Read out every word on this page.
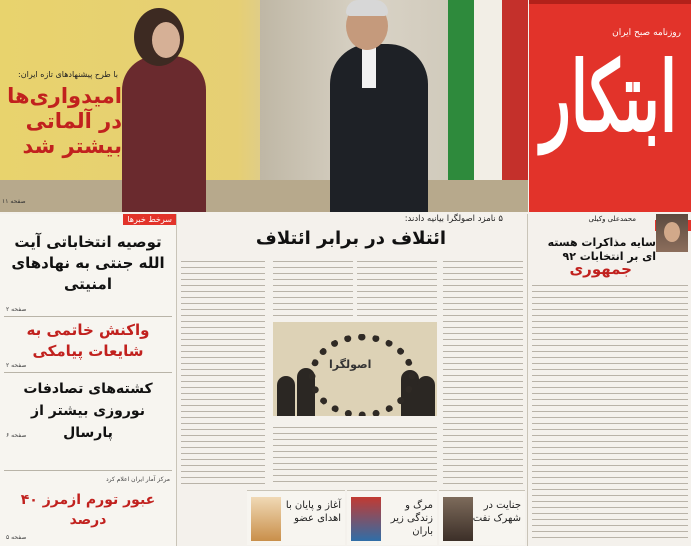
روزنامه صبح ایران
ابتکار
با طرح پیشنهادهای تازه ایران:
امیدواری‌ها در آلماتی بیشتر شد
صفحه ۱۱
سرخط خبرها
توصیه انتخاباتی آیت الله جنتی به نهادهای امنیتی
صفحه ۲
واکنش خاتمی به شایعات پیامکی
صفحه ۲
کشته‌های تصادفات نوروزی بیشتر از پارسال
صفحه ۶
مرکز آمار ایران اعلام کرد
عبور تورم ازمرز ۴۰ درصد
صفحه ۵
۵ نامزد اصولگرا بیانیه دادند:
ائتلاف در برابر ائتلاف
اصولگرا
جنایت در شهرک نفت
مرگ و زندگی زیر باران
آغاز و پایان با اهدای عضو
محمدعلی وکیلی
سایه مذاکرات هسته ای بر انتخابات ۹۲
جمهوری
